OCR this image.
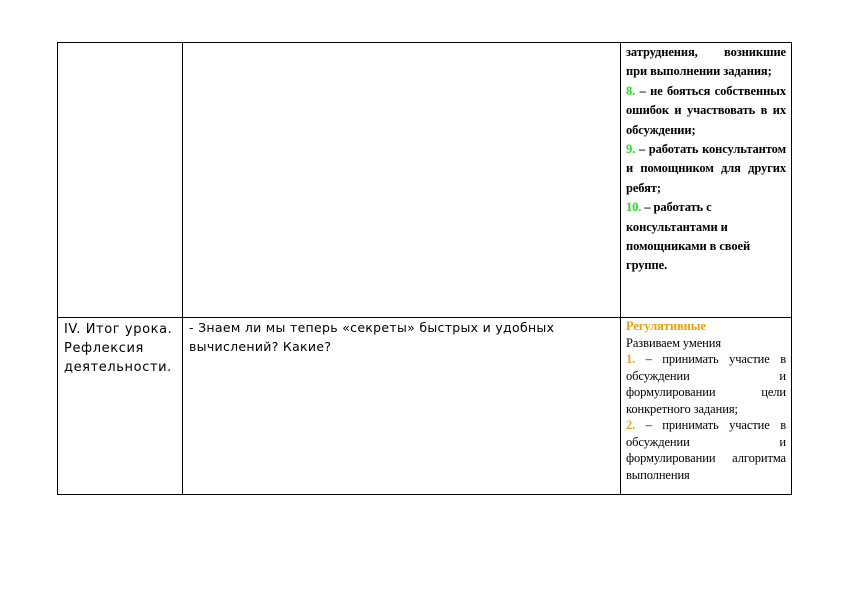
		затруднения, возникшие при выполнении задания;

8. – не бояться собственных ошибок и участвовать в их обсуждении;

9. – работать консультантом и помощником для других ребят;

10. – работать с консультантами и помощниками в своей группе.

IV. Итог урока. Рефлексия деятельности.	- Знаем ли мы теперь «секреты» быстрых и удобных вычислений? Какие?	Регулятивные

Развиваем умения

1. – принимать участие в обсуждении и формулировании цели конкретного задания;

2. – принимать участие в обсуждении и формулировании алгоритма выполнения
